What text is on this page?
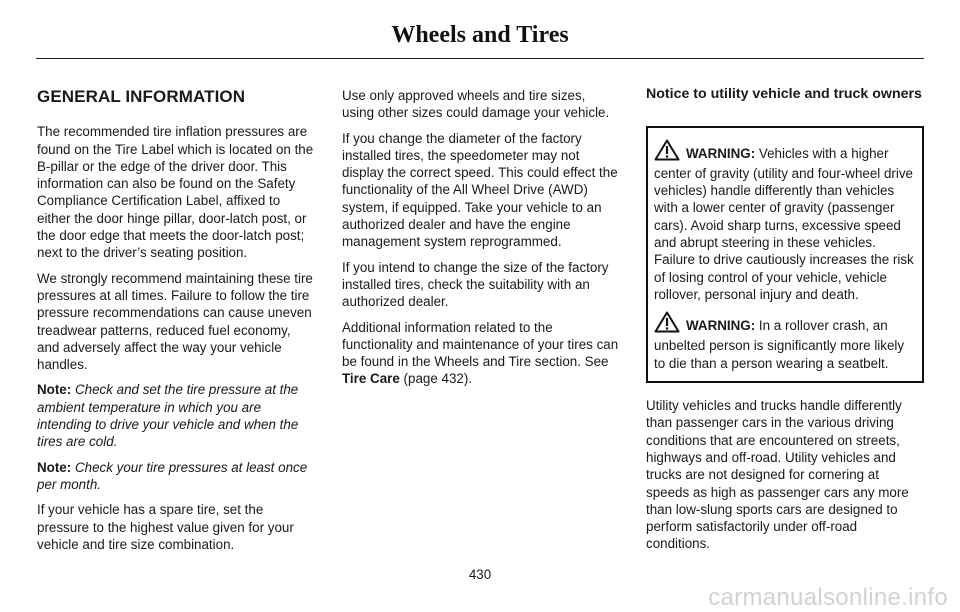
Wheels and Tires
GENERAL INFORMATION

The recommended tire inflation pressures are found on the Tire Label which is located on the B-pillar or the edge of the driver door. This information can also be found on the Safety Compliance Certification Label, affixed to either the door hinge pillar, door-latch post, or the door edge that meets the door-latch post; next to the driver’s seating position.

We strongly recommend maintaining these tire pressures at all times. Failure to follow the tire pressure recommendations can cause uneven treadwear patterns, reduced fuel economy, and adversely affect the way your vehicle handles.

Note: Check and set the tire pressure at the ambient temperature in which you are intending to drive your vehicle and when the tires are cold.

Note: Check your tire pressures at least once per month.

If your vehicle has a spare tire, set the pressure to the highest value given for your vehicle and tire size combination.

Use only approved wheels and tire sizes, using other sizes could damage your vehicle.

If you change the diameter of the factory installed tires, the speedometer may not display the correct speed. This could effect the functionality of the All Wheel Drive (AWD) system, if equipped. Take your vehicle to an authorized dealer and have the engine management system reprogrammed.

If you intend to change the size of the factory installed tires, check the suitability with an authorized dealer.

Additional information related to the functionality and maintenance of your tires can be found in the Wheels and Tire section. See Tire Care (page 432).

Notice to utility vehicle and truck owners

WARNING: Vehicles with a higher center of gravity (utility and four-wheel drive vehicles) handle differently than vehicles with a lower center of gravity (passenger cars). Avoid sharp turns, excessive speed and abrupt steering in these vehicles. Failure to drive cautiously increases the risk of losing control of your vehicle, vehicle rollover, personal injury and death.

WARNING: In a rollover crash, an unbelted person is significantly more likely to die than a person wearing a seatbelt.

Utility vehicles and trucks handle differently than passenger cars in the various driving conditions that are encountered on streets, highways and off-road. Utility vehicles and trucks are not designed for cornering at speeds as high as passenger cars any more than low-slung sports cars are designed to perform satisfactorily under off-road conditions.

430
carmanualsonline.info
